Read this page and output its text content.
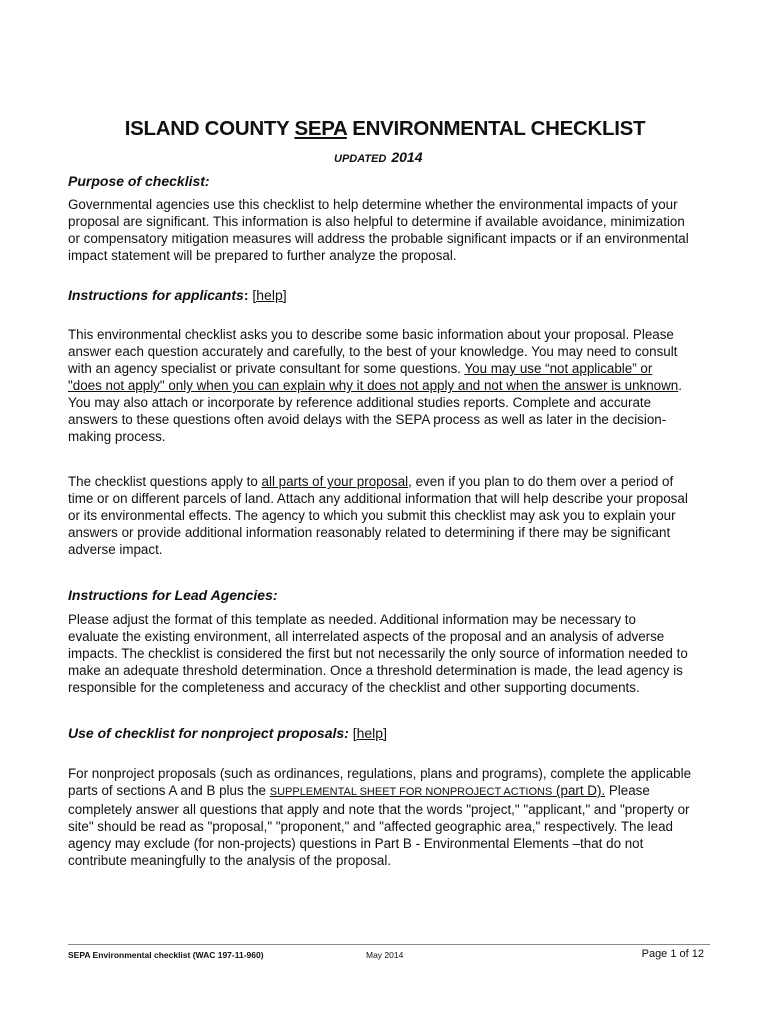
ISLAND COUNTY SEPA ENVIRONMENTAL CHECKLIST
UPDATED 2014
Purpose of checklist:
Governmental agencies use this checklist to help determine whether the environmental impacts of your
proposal are significant. This information is also helpful to determine if available avoidance, minimization
or compensatory mitigation measures will address the probable significant impacts or if an environmental
impact statement will be prepared to further analyze the proposal.
Instructions for applicants: [help]
This environmental checklist asks you to describe some basic information about your proposal. Please
answer each question accurately and carefully, to the best of your knowledge. You may need to consult
with an agency specialist or private consultant for some questions. You may use “not applicable” or
"does not apply" only when you can explain why it does not apply and not when the answer is unknown.
You may also attach or incorporate by reference additional studies reports. Complete and accurate
answers to these questions often avoid delays with the SEPA process as well as later in the decision-
making process.
The checklist questions apply to all parts of your proposal, even if you plan to do them over a period of
time or on different parcels of land. Attach any additional information that will help describe your proposal
or its environmental effects. The agency to which you submit this checklist may ask you to explain your
answers or provide additional information reasonably related to determining if there may be significant
adverse impact.
Instructions for Lead Agencies:
Please adjust the format of this template as needed. Additional information may be necessary to
evaluate the existing environment, all interrelated aspects of the proposal and an analysis of adverse
impacts. The checklist is considered the first but not necessarily the only source of information needed to
make an adequate threshold determination. Once a threshold determination is made, the lead agency is
responsible for the completeness and accuracy of the checklist and other supporting documents.
Use of checklist for nonproject proposals: [help]
For nonproject proposals (such as ordinances, regulations, plans and programs), complete the applicable
parts of sections A and B plus the SUPPLEMENTAL SHEET FOR NONPROJECT ACTIONS (part D). Please
completely answer all questions that apply and note that the words "project," "applicant," and "property or
site" should be read as "proposal," "proponent," and "affected geographic area," respectively. The lead
agency may exclude (for non-projects) questions in Part B - Environmental Elements –that do not
contribute meaningfully to the analysis of the proposal.
SEPA Environmental checklist (WAC 197-11-960)	May 2014	Page 1 of 12
